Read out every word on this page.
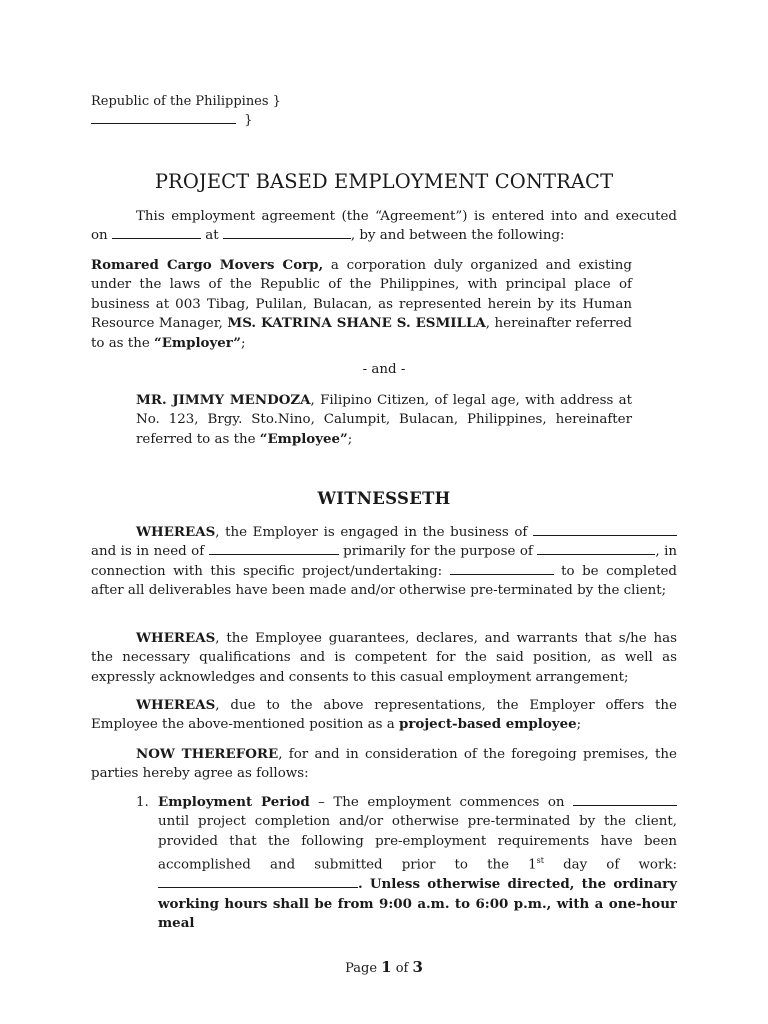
Republic of the Philippines }
}
PROJECT BASED EMPLOYMENT CONTRACT
This employment agreement (the “Agreement”) is entered into and executed on	at	, by and between the following:
Romared Cargo Movers Corp, a corporation duly organized and existing under the laws of the Republic of the Philippines, with principal place of business at 003 Tibag, Pulilan, Bulacan, as represented herein by its Human Resource Manager, MS. KATRINA SHANE S. ESMILLA, hereinafter referred to as the “Employer”;
- and -
MR. JIMMY MENDOZA, Filipino Citizen, of legal age, with address at No. 123, Brgy. Sto.Nino, Calumpit, Bulacan, Philippines, hereinafter referred to as the “Employee”;
WITNESSETH
WHEREAS, the Employer is engaged in the business of  and is in need of	primarily for the purpose of	, in connection with this specific project/undertaking:	to be completed after all deliverables have been made and/or otherwise pre-terminated by the client;
WHEREAS, the Employee guarantees, declares, and warrants that s/he has the necessary qualifications and is competent for the said position, as well as expressly acknowledges and consents to this casual employment arrangement;
WHEREAS, due to the above representations, the Employer offers the Employee the above-mentioned position as a project-based employee;
NOW THEREFORE, for and in consideration of the foregoing premises, the parties hereby agree as follows:
1. Employment Period – The employment commences on  until project completion and/or otherwise pre-terminated by the client, provided that the following pre-employment requirements have been accomplished and submitted prior to the 1st day of work: . Unless otherwise directed, the ordinary working hours shall be from 9:00 a.m. to 6:00 p.m., with a one-hour meal
Page 1 of 3
